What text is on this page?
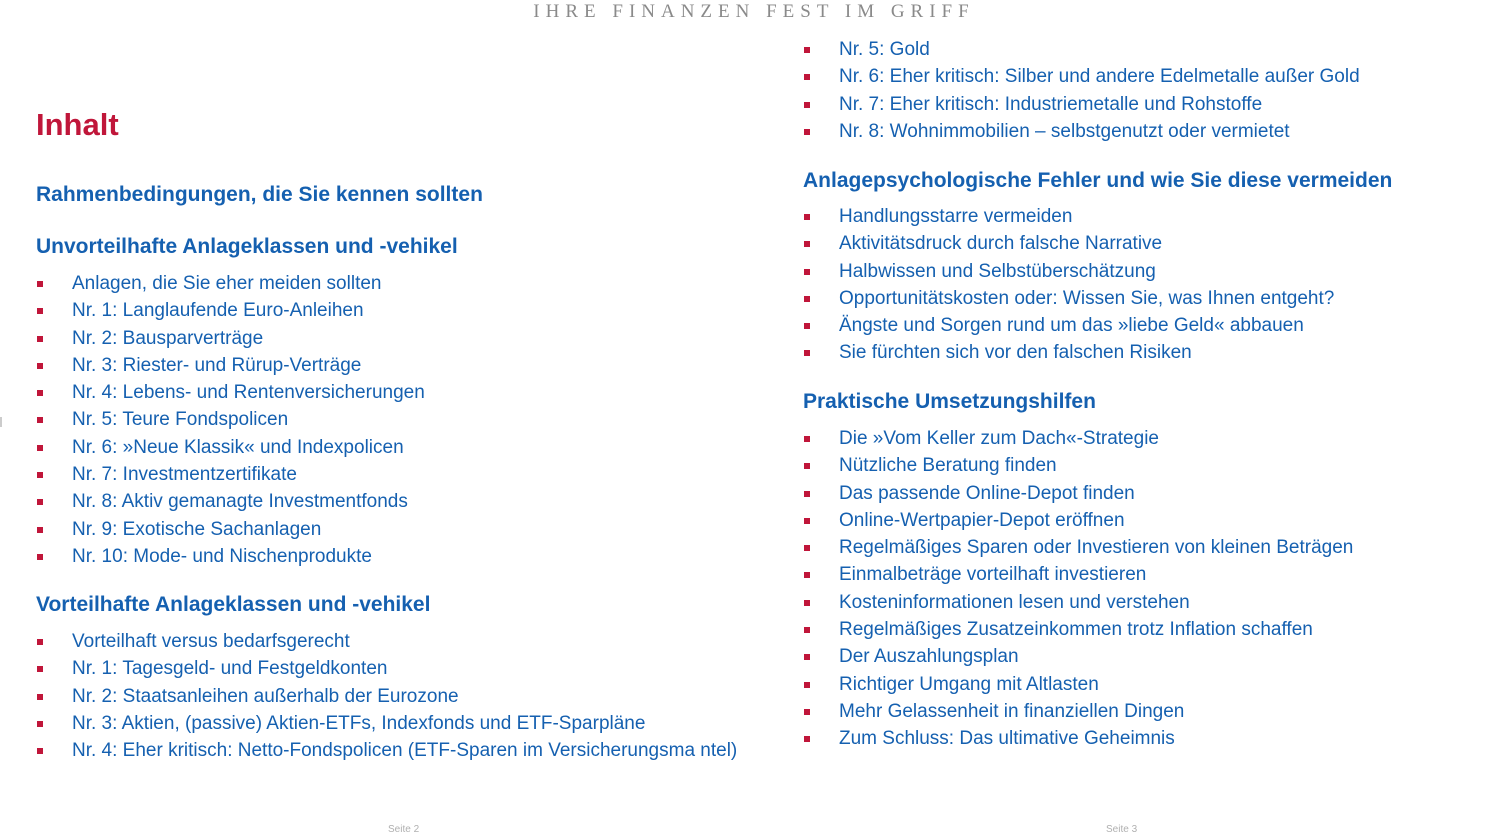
IHRE FINANZEN FEST IM GRIFF
Inhalt
Rahmenbedingungen, die Sie kennen sollten
Unvorteilhafte Anlageklassen und -vehikel
Anlagen, die Sie eher meiden sollten
Nr. 1: Langlaufende Euro-Anleihen
Nr. 2: Bausparverträge
Nr. 3: Riester- und Rürup-Verträge
Nr. 4: Lebens- und Rentenversicherungen
Nr. 5: Teure Fondspolicen
Nr. 6: »Neue Klassik« und Indexpolicen
Nr. 7: Investmentzertifikate
Nr. 8: Aktiv gemanagte Investmentfonds
Nr. 9: Exotische Sachanlagen
Nr. 10: Mode- und Nischenprodukte
Vorteilhafte Anlageklassen und -vehikel
Vorteilhaft versus bedarfsgerecht
Nr. 1: Tagesgeld- und Festgeldkonten
Nr. 2: Staatsanleihen außerhalb der Eurozone
Nr. 3: Aktien, (passive) Aktien-ETFs, Indexfonds und ETF-Sparpläne
Nr. 4: Eher kritisch: Netto-Fondspolicen (ETF-Sparen im Versicherungsma ntel)
Nr. 5: Gold
Nr. 6: Eher kritisch: Silber und andere Edelmetalle außer Gold
Nr. 7: Eher kritisch: Industriemetalle und Rohstoffe
Nr. 8: Wohnimmobilien – selbstgenutzt oder vermietet
Anlagepsychologische Fehler und wie Sie diese vermeiden
Handlungsstarre vermeiden
Aktivitätsdruck durch falsche Narrative
Halbwissen und Selbstüberschätzung
Opportunitätskosten oder: Wissen Sie, was Ihnen entgeht?
Ängste und Sorgen rund um das »liebe Geld« abbauen
Sie fürchten sich vor den falschen Risiken
Praktische Umsetzungshilfen
Die »Vom Keller zum Dach«-Strategie
Nützliche Beratung finden
Das passende Online-Depot finden
Online-Wertpapier-Depot eröffnen
Regelmäßiges Sparen oder Investieren von kleinen Beträgen
Einmalbeträge vorteilhaft investieren
Kosteninformationen lesen und verstehen
Regelmäßiges Zusatzeinkommen trotz Inflation schaffen
Der Auszahlungsplan
Richtiger Umgang mit Altlasten
Mehr Gelassenheit in finanziellen Dingen
Zum Schluss: Das ultimative Geheimnis
Seite 2	Seite 3
